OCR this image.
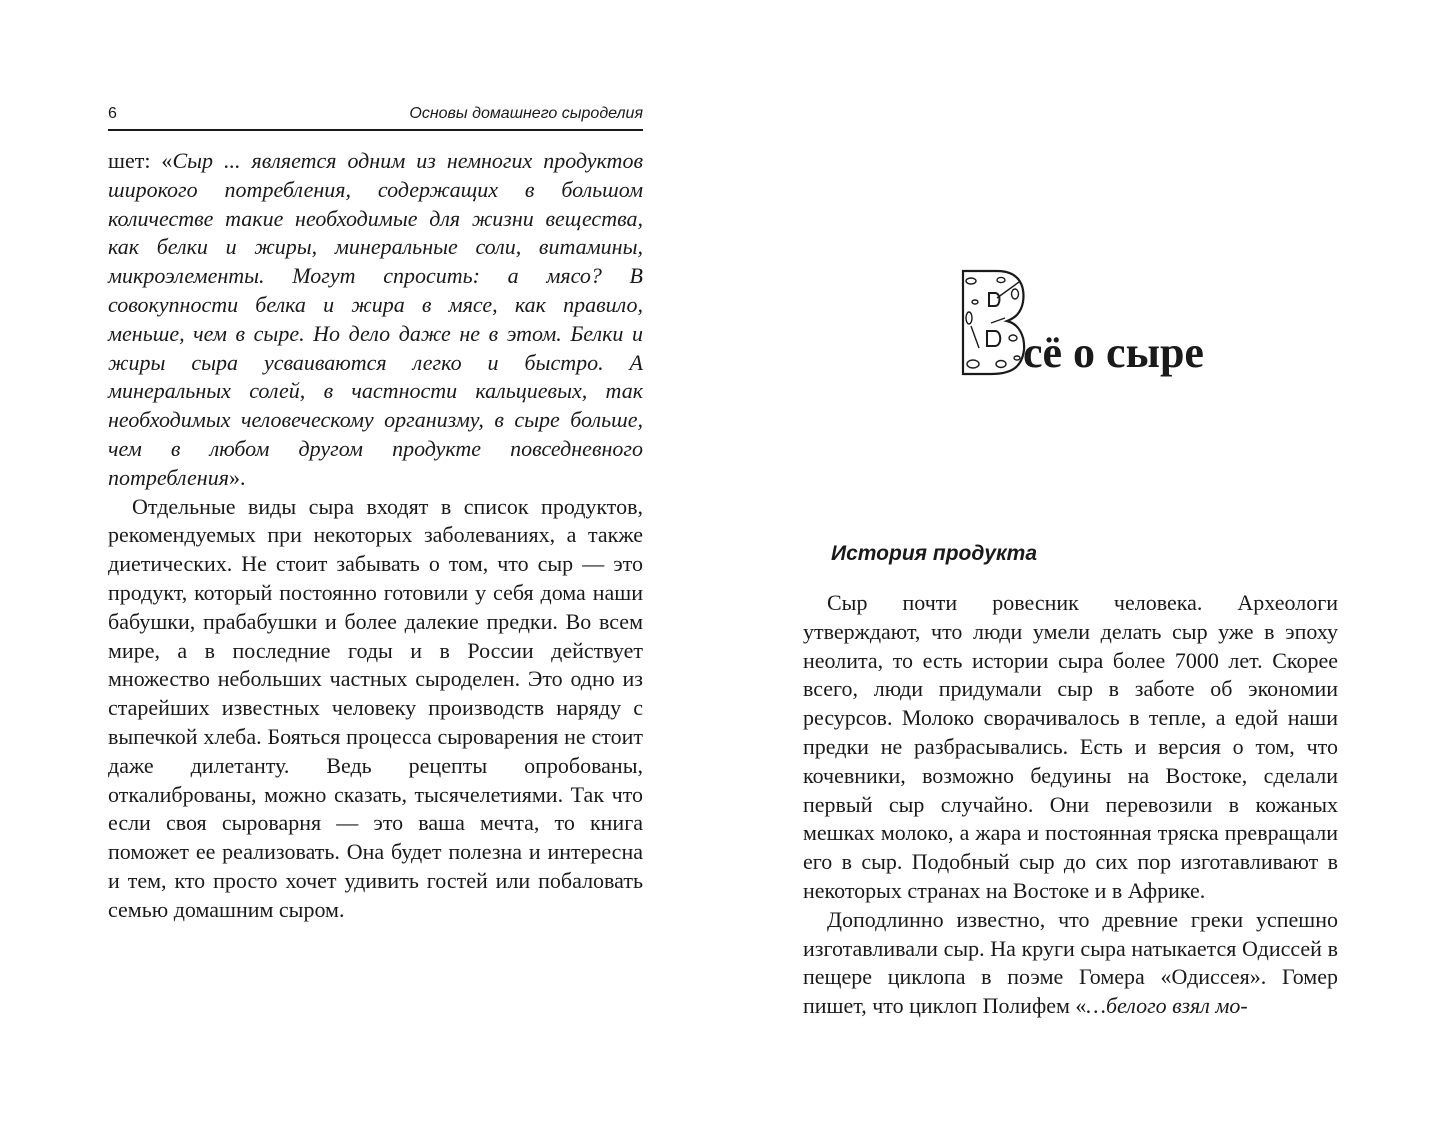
6	Основы домашнего сыроделия

шет: «Сыр ... является одним из немногих продуктов широкого потребления, содержащих в большом количестве такие необходимые для жизни вещества, как белки и жиры, минеральные соли, витамины, микроэлементы. Могут спросить: а мясо? В совокупности белка и жира в мясе, как правило, меньше, чем в сыре. Но дело даже не в этом. Белки и жиры сыра усваиваются легко и быстро. А минеральных солей, в частности кальциевых, так необходимых человеческому организму, в сыре больше, чем в любом другом продукте повседневного потребления».

Отдельные виды сыра входят в список продуктов, рекомендуемых при некоторых заболеваниях, а также диетических. Не стоит забывать о том, что сыр — это продукт, который постоянно готовили у себя дома наши бабушки, прабабушки и более далекие предки. Во всем мире, а в последние годы и в России действует множество небольших частных сыроделен. Это одно из старейших известных человеку производств наряду с выпечкой хлеба. Бояться процесса сыроварения не стоит даже дилетанту. Ведь рецепты опробованы, откалиброваны, можно сказать, тысячелетиями. Так что если своя сыроварня — это ваша мечта, то книга поможет ее реализовать. Она будет полезна и интересна и тем, кто просто хочет удивить гостей или побаловать семью домашним сыром.

сё о сыре
История продукта

Сыр почти ровесник человека. Археологи утверждают, что люди умели делать сыр уже в эпоху неолита, то есть истории сыра более 7000 лет. Скорее всего, люди придумали сыр в заботе об экономии ресурсов. Молоко сворачивалось в тепле, а едой наши предки не разбрасывались. Есть и версия о том, что кочевники, возможно бедуины на Востоке, сделали первый сыр случайно. Они перевозили в кожаных мешках молоко, а жара и постоянная тряска превращали его в сыр. Подобный сыр до сих пор изготавливают в некоторых странах на Востоке и в Африке.

Доподлинно известно, что древние греки успешно изготавливали сыр. На круги сыра натыкается Одиссей в пещере циклопа в поэме Гомера «Одиссея». Гомер пишет, что циклоп Полифем «…белого взял мо-
